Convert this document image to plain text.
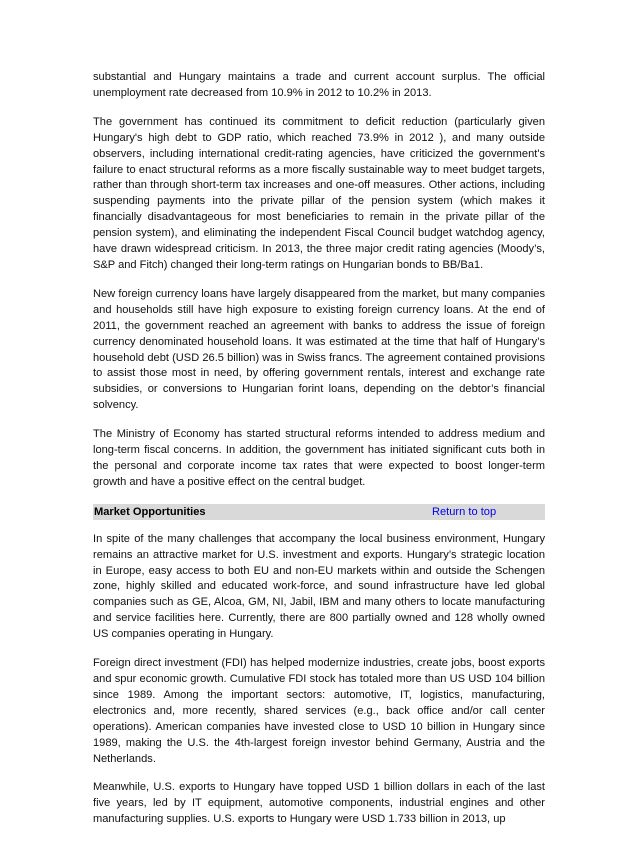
substantial and Hungary maintains a trade and current account surplus. The official unemployment rate decreased from 10.9% in 2012 to 10.2% in 2013.

The government has continued its commitment to deficit reduction (particularly given Hungary's high debt to GDP ratio, which reached 73.9% in 2012 ), and many outside observers, including international credit-rating agencies, have criticized the government's failure to enact structural reforms as a more fiscally sustainable way to meet budget targets, rather than through short-term tax increases and one-off measures. Other actions, including suspending payments into the private pillar of the pension system (which makes it financially disadvantageous for most beneficiaries to remain in the private pillar of the pension system), and eliminating the independent Fiscal Council budget watchdog agency, have drawn widespread criticism. In 2013, the three major credit rating agencies (Moody’s, S&P and Fitch) changed their long-term ratings on Hungarian bonds to BB/Ba1.

New foreign currency loans have largely disappeared from the market, but many companies and households still have high exposure to existing foreign currency loans. At the end of 2011, the government reached an agreement with banks to address the issue of foreign currency denominated household loans. It was estimated at the time that half of Hungary’s household debt (USD 26.5 billion) was in Swiss francs. The agreement contained provisions to assist those most in need, by offering government rentals, interest and exchange rate subsidies, or conversions to Hungarian forint loans, depending on the debtor’s financial solvency.

The Ministry of Economy has started structural reforms intended to address medium and long-term fiscal concerns. In addition, the government has initiated significant cuts both in the personal and corporate income tax rates that were expected to boost longer-term growth and have a positive effect on the central budget.

Market Opportunities	Return to top

In spite of the many challenges that accompany the local business environment, Hungary remains an attractive market for U.S. investment and exports. Hungary’s strategic location in Europe, easy access to both EU and non-EU markets within and outside the Schengen zone, highly skilled and educated work-force, and sound infrastructure have led global companies such as GE, Alcoa, GM, NI, Jabil, IBM and many others to locate manufacturing and service facilities here. Currently, there are 800 partially owned and 128 wholly owned US companies operating in Hungary.

Foreign direct investment (FDI) has helped modernize industries, create jobs, boost exports and spur economic growth. Cumulative FDI stock has totaled more than US USD 104 billion since 1989. Among the important sectors: automotive, IT, logistics, manufacturing, electronics and, more recently, shared services (e.g., back office and/or call center operations). American companies have invested close to USD 10 billion in Hungary since 1989, making the U.S. the 4th-largest foreign investor behind Germany, Austria and the Netherlands.

Meanwhile, U.S. exports to Hungary have topped USD 1 billion dollars in each of the last five years, led by IT equipment, automotive components, industrial engines and other manufacturing supplies. U.S. exports to Hungary were USD 1.733 billion in 2013, up
